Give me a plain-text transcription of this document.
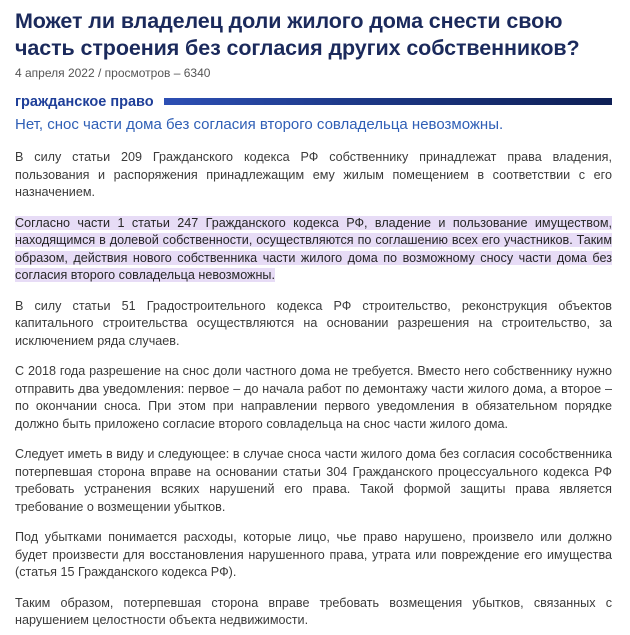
Может ли владелец доли жилого дома снести свою часть строения без согласия других собственников?
4 апреля 2022 / просмотров – 6340
гражданское право
Нет, снос части дома без согласия второго совладельца невозможны.

В силу статьи 209 Гражданского кодекса РФ собственнику принадлежат права владения, пользования и распоряжения принадлежащим ему жилым помещением в соответствии с его назначением.

Согласно части 1 статьи 247 Гражданского кодекса РФ, владение и пользование имуществом, находящимся в долевой собственности, осуществляются по соглашению всех его участников. Таким образом, действия нового собственника части жилого дома по возможному сносу части дома без согласия второго совладельца невозможны.

В силу статьи 51 Градостроительного кодекса РФ строительство, реконструкция объектов капитального строительства осуществляются на основании разрешения на строительство, за исключением ряда случаев.

С 2018 года разрешение на снос доли частного дома не требуется. Вместо него собственнику нужно отправить два уведомления: первое – до начала работ по демонтажу части жилого дома, а второе – по окончании сноса. При этом при направлении первого уведомления в обязательном порядке должно быть приложено согласие второго совладельца на снос части жилого дома.

Следует иметь в виду и следующее: в случае сноса части жилого дома без согласия сособственника потерпевшая сторона вправе на основании статьи 304 Гражданского процессуального кодекса РФ требовать устранения всяких нарушений его права. Такой формой защиты права является требование о возмещении убытков.

Под убытками понимается расходы, которые лицо, чье право нарушено, произвело или должно будет произвести для восстановления нарушенного права, утрата или повреждение его имущества (статья 15 Гражданского кодекса РФ).

Таким образом, потерпевшая сторона вправе требовать возмещения убытков, связанных с нарушением целостности объекта недвижимости.
